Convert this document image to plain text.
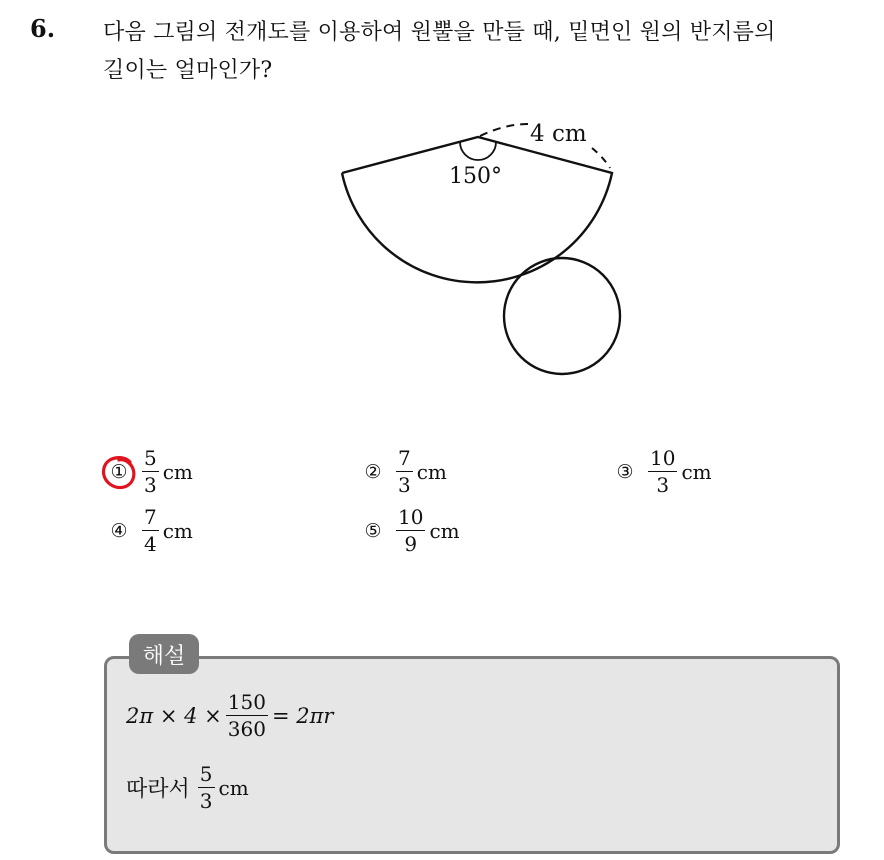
6. 다음 그림의 전개도를 이용하여 원뿔을 만들 때, 밑면인 원의 반지름의
길이는 얼마인가?
4 cm
150°
① $\frac{5}{3}$ cm	② $\frac{7}{3}$ cm	③ $\frac{10}{3}$ cm
④ $\frac{7}{4}$ cm	⑤ $\frac{10}{9}$ cm
해설
$2\pi \times 4 \times \frac{150}{360} = 2\pi r$
따라서 $\frac{5}{3}$ cm
